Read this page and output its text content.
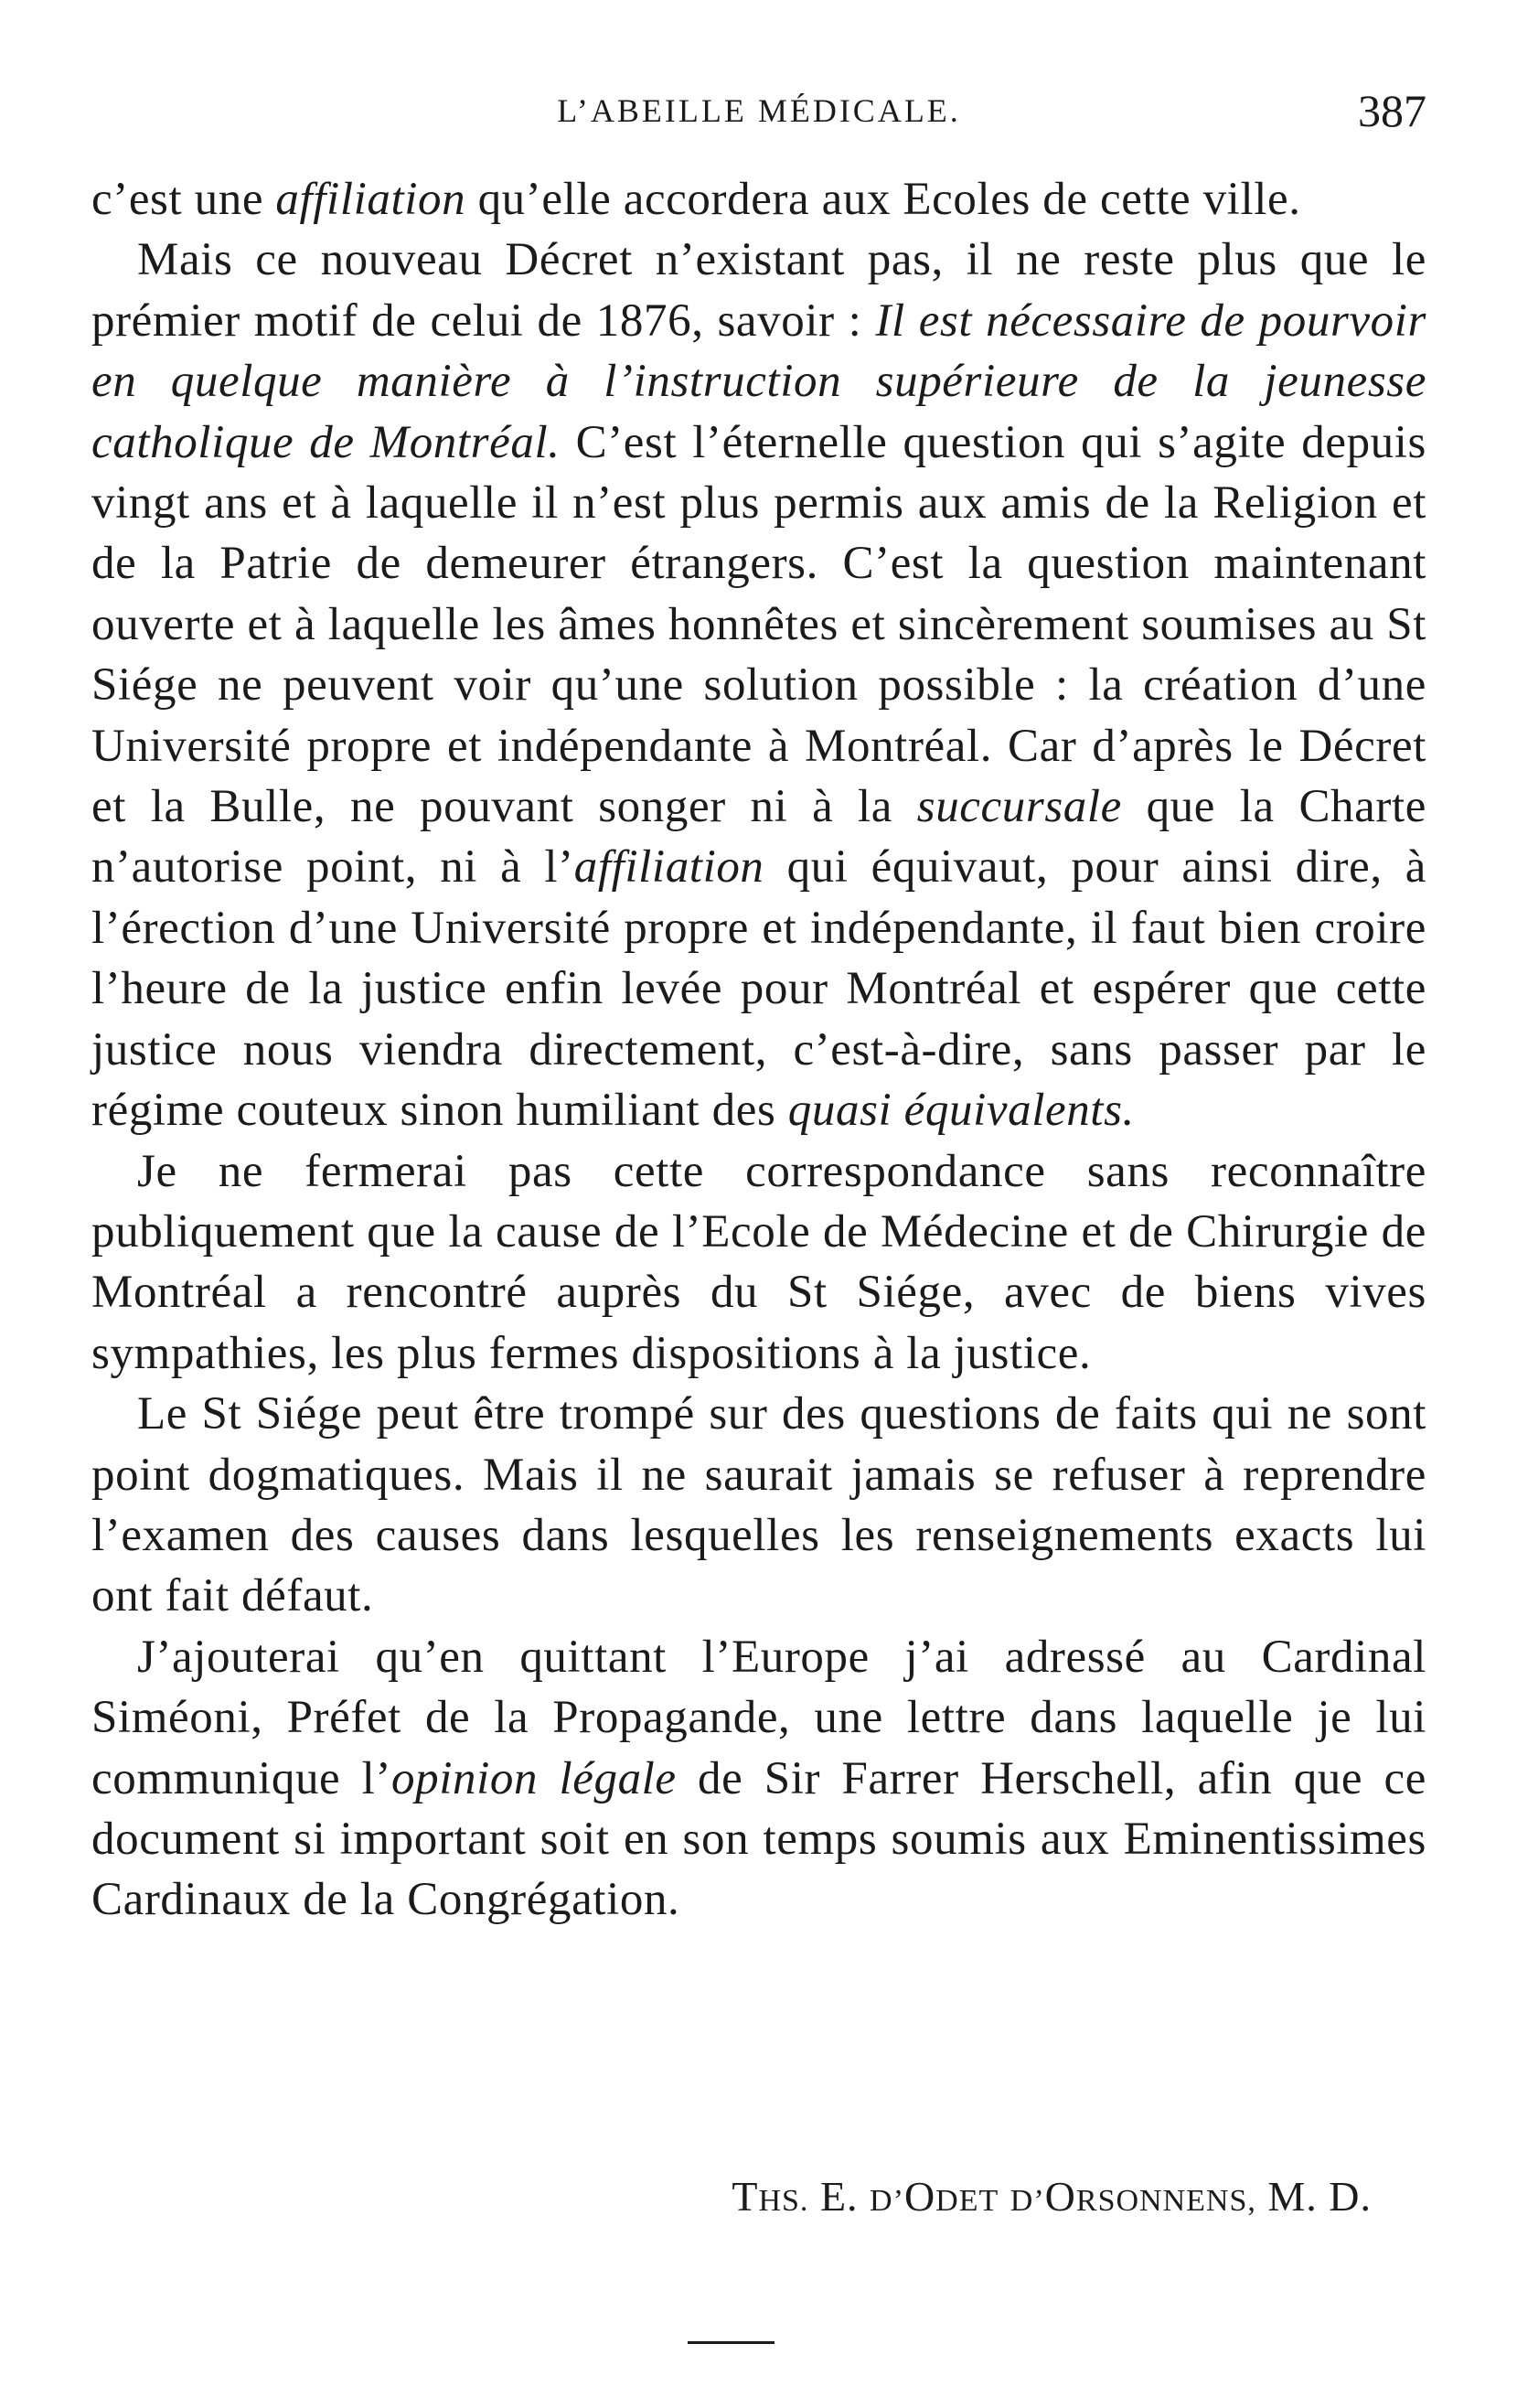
L’ABEILLE MÉDICALE.	387

c’est une affiliation qu’elle accordera aux Ecoles de cette ville.

Mais ce nouveau Décret n’existant pas, il ne reste plus que le prémier motif de celui de 1876, savoir : Il est nécessaire de pourvoir en quelque manière à l’instruction supérieure de la jeunesse catholique de Montréal. C’est l’éternelle question qui s’agite depuis vingt ans et à laquelle il n’est plus permis aux amis de la Religion et de la Patrie de demeurer étrangers. C’est la question maintenant ouverte et à laquelle les âmes honnêtes et sincèrement soumises au St Siége ne peuvent voir qu’une solution possible : la création d’une Université propre et indépendante à Montréal. Car d’après le Décret et la Bulle, ne pouvant songer ni à la succursale que la Charte n’autorise point, ni à l’affiliation qui équivaut, pour ainsi dire, à l’érection d’une Université propre et indépendante, il faut bien croire l’heure de la justice enfin levée pour Montréal et espérer que cette justice nous viendra directement, c’est-à-dire, sans passer par le régime couteux sinon humiliant des quasi équivalents.

Je ne fermerai pas cette correspondance sans reconnaître publiquement que la cause de l’Ecole de Médecine et de Chirurgie de Montréal a rencontré auprès du St Siége, avec de biens vives sympathies, les plus fermes dispositions à la justice.

Le St Siége peut être trompé sur des questions de faits qui ne sont point dogmatiques. Mais il ne saurait jamais se refuser à reprendre l’examen des causes dans lesquelles les renseignements exacts lui ont fait défaut.

J’ajouterai qu’en quittant l’Europe j’ai adressé au Cardinal Siméoni, Préfet de la Propagande, une lettre dans laquelle je lui communique l’opinion légale de Sir Farrer Herschell, afin que ce document si important soit en son temps soumis aux Eminentissimes Cardinaux de la Congrégation.

THS. E. D’ODET D’ORSONNENS, M. D.
